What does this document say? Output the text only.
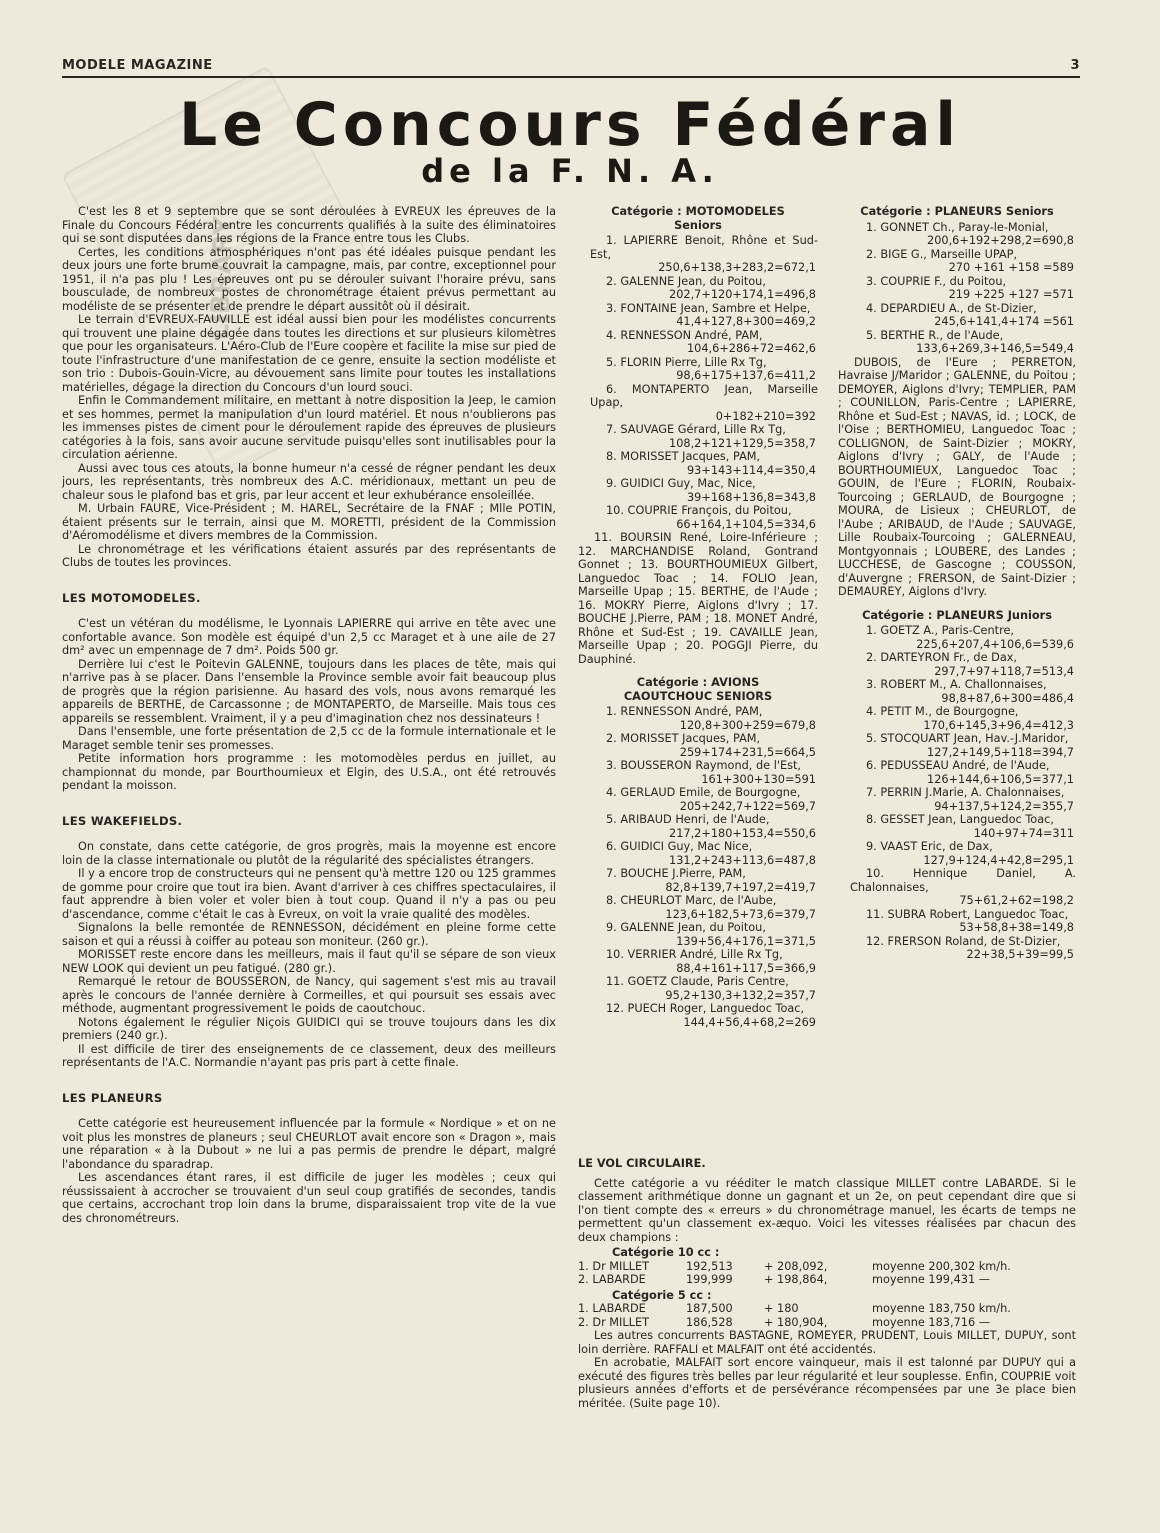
MODELE MAGAZINE	3
LIBRARY
Le Concours Fédéral
de la F. N. A.

C'est les 8 et 9 septembre que se sont déroulées à EVREUX les épreuves de la Finale du Concours Fédéral entre les concurrents qualifiés à la suite des éliminatoires qui se sont disputées dans les régions de la France entre tous les Clubs.

Certes, les conditions atmosphériques n'ont pas été idéales puisque pendant les deux jours une forte brume couvrait la campagne, mais, par contre, exceptionnel pour 1951, il n'a pas plu ! Les épreuves ont pu se dérouler suivant l'horaire prévu, sans bousculade, de nombreux postes de chronométrage étaient prévus permettant au modéliste de se présenter et de prendre le départ aussitôt où il désirait.

Le terrain d'EVREUX-FAUVILLE est idéal aussi bien pour les modélistes concurrents qui trouvent une plaine dégagée dans toutes les directions et sur plusieurs kilomètres que pour les organisateurs. L'Aéro-Club de l'Eure coopère et facilite la mise sur pied de toute l'infrastructure d'une manifestation de ce genre, ensuite la section modéliste et son trio : Dubois-Gouin-Vicre, au dévouement sans limite pour toutes les installations matérielles, dégage la direction du Concours d'un lourd souci.

Enfin le Commandement militaire, en mettant à notre disposition la Jeep, le camion et ses hommes, permet la manipulation d'un lourd matériel. Et nous n'oublierons pas les immenses pistes de ciment pour le déroulement rapide des épreuves de plusieurs catégories à la fois, sans avoir aucune servitude puisqu'elles sont inutilisables pour la circulation aérienne.

Aussi avec tous ces atouts, la bonne humeur n'a cessé de régner pendant les deux jours, les représentants, très nombreux des A.C. méridionaux, mettant un peu de chaleur sous le plafond bas et gris, par leur accent et leur exhubérance ensoleillée.

M. Urbain FAURE, Vice-Président ; M. HAREL, Secrétaire de la FNAF ; Mlle POTIN, étaient présents sur le terrain, ainsi que M. MORETTI, président de la Commission d'Aéromodélisme et divers membres de la Commission.

Le chronométrage et les vérifications étaient assurés par des représentants de Clubs de toutes les provinces.

LES MOTOMODELES.

C'est un vétéran du modélisme, le Lyonnais LAPIERRE qui arrive en tête avec une confortable avance. Son modèle est équipé d'un 2,5 cc Maraget et à une aile de 27 dm² avec un empennage de 7 dm². Poids 500 gr.

Derrière lui c'est le Poitevin GALENNE, toujours dans les places de tête, mais qui n'arrive pas à se placer. Dans l'ensemble la Province semble avoir fait beaucoup plus de progrès que la région parisienne. Au hasard des vols, nous avons remarqué les appareils de BERTHE, de Carcassonne ; de MONTAPERTO, de Marseille. Mais tous ces appareils se ressemblent. Vraiment, il y a peu d'imagination chez nos dessinateurs !

Dans l'ensemble, une forte présentation de 2,5 cc de la formule internationale et le Maraget semble tenir ses promesses.

Petite information hors programme : les motomodèles perdus en juillet, au championnat du monde, par Bourthoumieux et Elgin, des U.S.A., ont été retrouvés pendant la moisson.

LES WAKEFIELDS.

On constate, dans cette catégorie, de gros progrès, mais la moyenne est encore loin de la classe internationale ou plutôt de la régularité des spécialistes étrangers.

Il y a encore trop de constructeurs qui ne pensent qu'à mettre 120 ou 125 grammes de gomme pour croire que tout ira bien. Avant d'arriver à ces chiffres spectaculaires, il faut apprendre à bien voler et voler bien à tout coup. Quand il n'y a pas ou peu d'ascendance, comme c'était le cas à Evreux, on voit la vraie qualité des modèles.

Signalons la belle remontée de RENNESSON, décidément en pleine forme cette saison et qui a réussi à coiffer au poteau son moniteur. (260 gr.).

MORISSET reste encore dans les meilleurs, mais il faut qu'il se sépare de son vieux NEW LOOK qui devient un peu fatigué. (280 gr.).

Remarqué le retour de BOUSSERON, de Nancy, qui sagement s'est mis au travail après le concours de l'année dernière à Cormeilles, et qui poursuit ses essais avec méthode, augmentant progressivement le poids de caoutchouc.

Notons également le régulier Niçois GUIDICI qui se trouve toujours dans les dix premiers (240 gr.).

Il est difficile de tirer des enseignements de ce classement, deux des meilleurs représentants de l'A.C. Normandie n'ayant pas pris part à cette finale.

LES PLANEURS

Cette catégorie est heureusement influencée par la formule « Nordique » et on ne voit plus les monstres de planeurs ; seul CHEURLOT avait encore son « Dragon », mais une réparation « à la Dubout » ne lui a pas permis de prendre le départ, malgré l'abondance du sparadrap.

Les ascendances étant rares, il est difficile de juger les modèles ; ceux qui réussissaient à accrocher se trouvaient d'un seul coup gratifiés de secondes, tandis que certains, accrochant trop loin dans la brume, disparaissaient trop vite de la vue des chronométreurs.

Catégorie : MOTOMODELES
Seniors

1. LAPIERRE Benoit, Rhône et Sud-Est,

250,6+138,3+283,2=672,1

2. GALENNE Jean, du Poitou,

202,7+120+174,1=496,8

3. FONTAINE Jean, Sambre et Helpe,

41,4+127,8+300=469,2

4. RENNESSON André, PAM,

104,6+286+72=462,6

5. FLORIN Pierre, Lille Rx Tg,

98,6+175+137,6=411,2

6. MONTAPERTO Jean, Marseille Upap,

0+182+210=392

7. SAUVAGE Gérard, Lille Rx Tg,

108,2+121+129,5=358,7

8. MORISSET Jacques, PAM,

93+143+114,4=350,4

9. GUIDICI Guy, Mac, Nice,

39+168+136,8=343,8

10. COUPRIE François, du Poitou,

66+164,1+104,5=334,6

11. BOURSIN René, Loire-Inférieure ; 12. MARCHANDISE Roland, Gontrand Gonnet ; 13. BOURTHOUMIEUX Gilbert, Languedoc Toac ; 14. FOLIO Jean, Marseille Upap ; 15. BERTHE, de l'Aude ; 16. MOKRY Pierre, Aiglons d'Ivry ; 17. BOUCHE J.Pierre, PAM ; 18. MONET André, Rhône et Sud-Est ; 19. CAVAILLE Jean, Marseille Upap ; 20. POGGJI Pierre, du Dauphiné.

Catégorie : AVIONS
CAOUTCHOUC SENIORS

1. RENNESSON André, PAM,

120,8+300+259=679,8

2. MORISSET Jacques, PAM,

259+174+231,5=664,5

3. BOUSSERON Raymond, de l'Est,

161+300+130=591

4. GERLAUD Emile, de Bourgogne,

205+242,7+122=569,7

5. ARIBAUD Henri, de l'Aude,

217,2+180+153,4=550,6

6. GUIDICI Guy, Mac Nice,

131,2+243+113,6=487,8

7. BOUCHE J.Pierre, PAM,

82,8+139,7+197,2=419,7

8. CHEURLOT Marc, de l'Aube,

123,6+182,5+73,6=379,7

9. GALENNE Jean, du Poitou,

139+56,4+176,1=371,5

10. VERRIER André, Lille Rx Tg,

88,4+161+117,5=366,9

11. GOETZ Claude, Paris Centre,

95,2+130,3+132,2=357,7

12. PUECH Roger, Languedoc Toac,

144,4+56,4+68,2=269
Catégorie : PLANEURS Seniors

1. GONNET Ch., Paray-le-Monial,

200,6+192+298,2=690,8

2. BIGE G., Marseille UPAP,

270 +161 +158 =589

3. COUPRIE F., du Poitou,

219 +225 +127 =571

4. DEPARDIEU A., de St-Dizier,

245,6+141,4+174 =561

5. BERTHE R., de l'Aude,

133,6+269,3+146,5=549,4

DUBOIS, de l'Eure ; PERRETON, Havraise J/Maridor ; GALENNE, du Poitou ; DEMOYER, Aiglons d'Ivry; TEMPLIER, PAM ; COUNILLON, Paris-Centre ; LAPIERRE, Rhône et Sud-Est ; NAVAS, id. ; LOCK, de l'Oise ; BERTHOMIEU, Languedoc Toac ; COLLIGNON, de Saint-Dizier ; MOKRY, Aiglons d'Ivry ; GALY, de l'Aude ; BOURTHOUMIEUX, Languedoc Toac ; GOUIN, de l'Eure ; FLORIN, Roubaix-Tourcoing ; GERLAUD, de Bourgogne ; MOURA, de Lisieux ; CHEURLOT, de l'Aube ; ARIBAUD, de l'Aude ; SAUVAGE, Lille Roubaix-Tourcoing ; GALERNEAU, Montgyonnais ; LOUBERE, des Landes ; LUCCHESE, de Gascogne ; COUSSON, d'Auvergne ; FRERSON, de Saint-Dizier ; DEMAUREY, Aiglons d'Ivry.

Catégorie : PLANEURS Juniors

1. GOETZ A., Paris-Centre,

225,6+207,4+106,6=539,6

2. DARTEYRON Fr., de Dax,

297,7+97+118,7=513,4

3. ROBERT M., A. Challonnaises,

98,8+87,6+300=486,4

4. PETIT M., de Bourgogne,

170,6+145,3+96,4=412,3

5. STOCQUART Jean, Hav.-J.Maridor,

127,2+149,5+118=394,7

6. PEDUSSEAU André, de l'Aude,

126+144,6+106,5=377,1

7. PERRIN J.Marie, A. Chalonnaises,

94+137,5+124,2=355,7

8. GESSET Jean, Languedoc Toac,

140+97+74=311

9. VAAST Eric, de Dax,

127,9+124,4+42,8=295,1

10. Hennique Daniel, A. Chalonnaises,

75+61,2+62=198,2

11. SUBRA Robert, Languedoc Toac,

53+58,8+38=149,8

12. FRERSON Roland, de St-Dizier,

22+38,5+39=99,5
LE VOL CIRCULAIRE.

Cette catégorie a vu rééditer le match classique MILLET contre LABARDE. Si le classement arithmétique donne un gagnant et un 2e, on peut cependant dire que si l'on tient compte des « erreurs » du chronométrage manuel, les écarts de temps ne permettent qu'un classement ex-æquo. Voici les vitesses réalisées par chacun des deux champions :

Catégorie 10 cc :
1. Dr MILLET	192,513	+ 208,092,	moyenne 200,302 km/h.
2. LABARDE	199,999	+ 198,864,	moyenne 199,431 —
Catégorie 5 cc :
1. LABARDE	187,500	+ 180	moyenne 183,750 km/h.
2. Dr MILLET	186,528	+ 180,904,	moyenne 183,716 —

Les autres concurrents BASTAGNE, ROMEYER, PRUDENT, Louis MILLET, DUPUY, sont loin derrière. RAFFALI et MALFAIT ont été accidentés.

En acrobatie, MALFAIT sort encore vainqueur, mais il est talonné par DUPUY qui a exécuté des figures très belles par leur régularité et leur souplesse. Enfin, COUPRIE voit plusieurs années d'efforts et de persévérance récompensées par une 3e place bien méritée. (Suite page 10).
